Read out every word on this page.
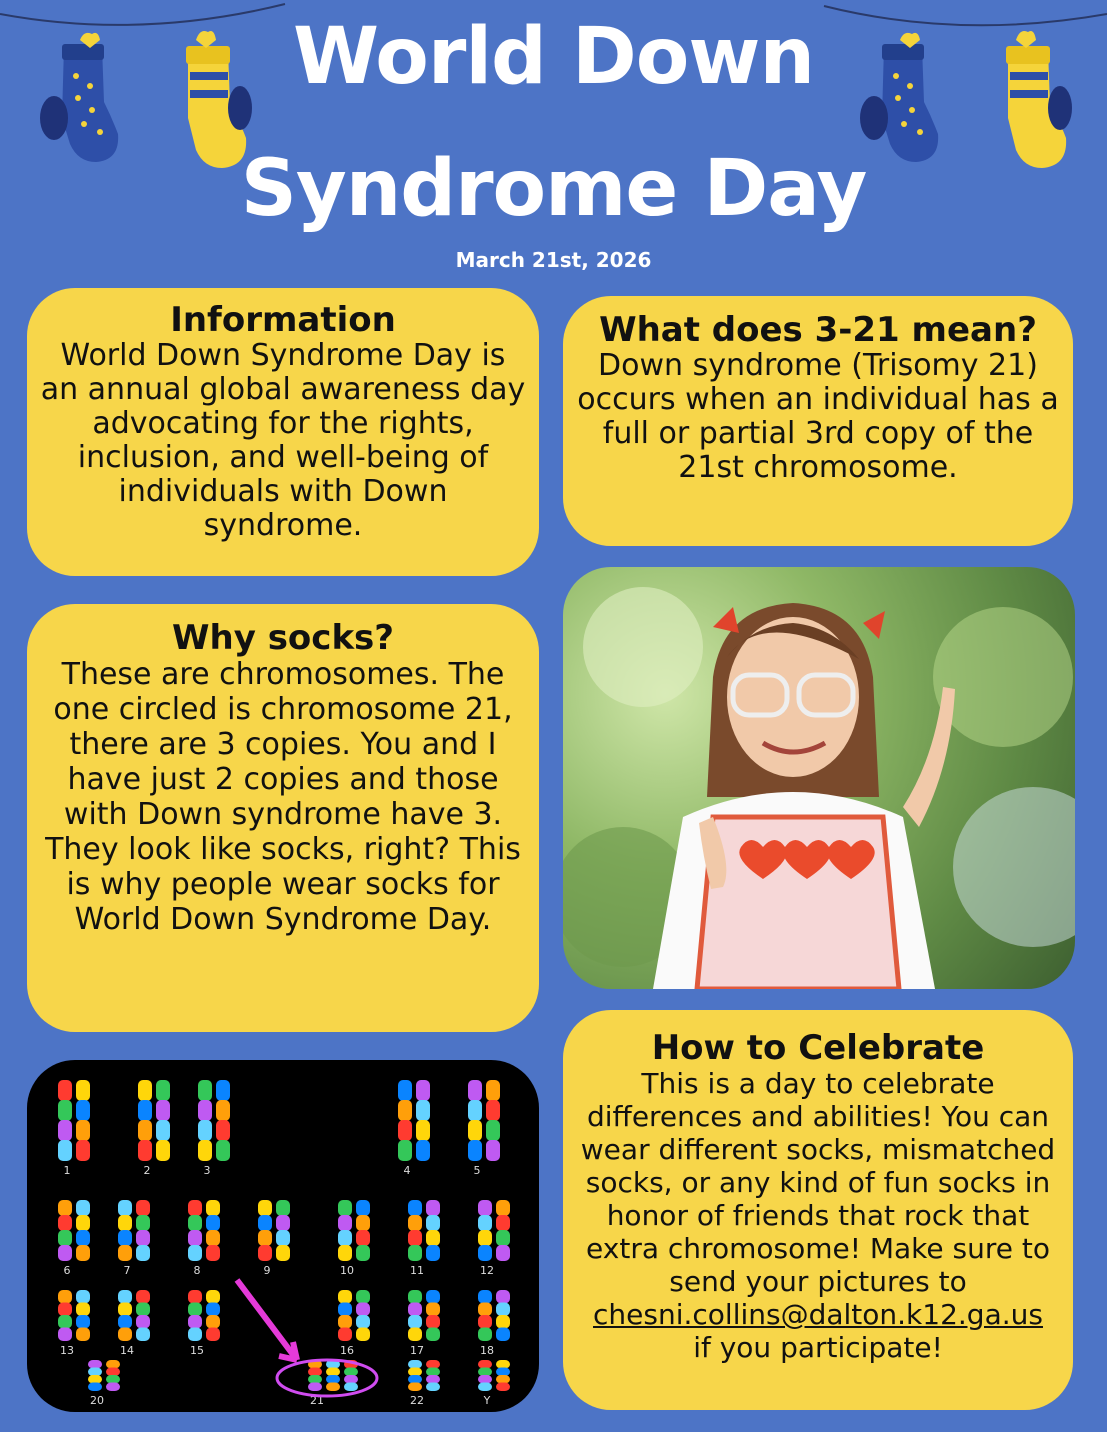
World Down
Syndrome Day
March 21st, 2026
Information

World Down Syndrome Day is an annual global awareness day advocating for the rights, inclusion, and well-being of individuals with Down syndrome.

What does 3-21 mean?

Down syndrome (Trisomy 21) occurs when an individual has a full or partial 3rd copy of the 21st chromosome.

Why socks?

These are chromosomes. The one circled is chromosome 21, there are 3 copies. You and I have just 2 copies and those with Down syndrome have 3.

They look like socks, right? This is why people wear socks for World Down Syndrome Day.

1	2	3	4	5
6	7	8	9	10	11	12
13	14	15	16	17	18
20	21	22	Y
How to Celebrate

This is a day to celebrate differences and abilities! You can wear different socks, mismatched socks, or any kind of fun socks in honor of friends that rock that extra chromosome! Make sure to send your pictures to
chesni.collins@dalton.k12.ga.us
if you participate!
